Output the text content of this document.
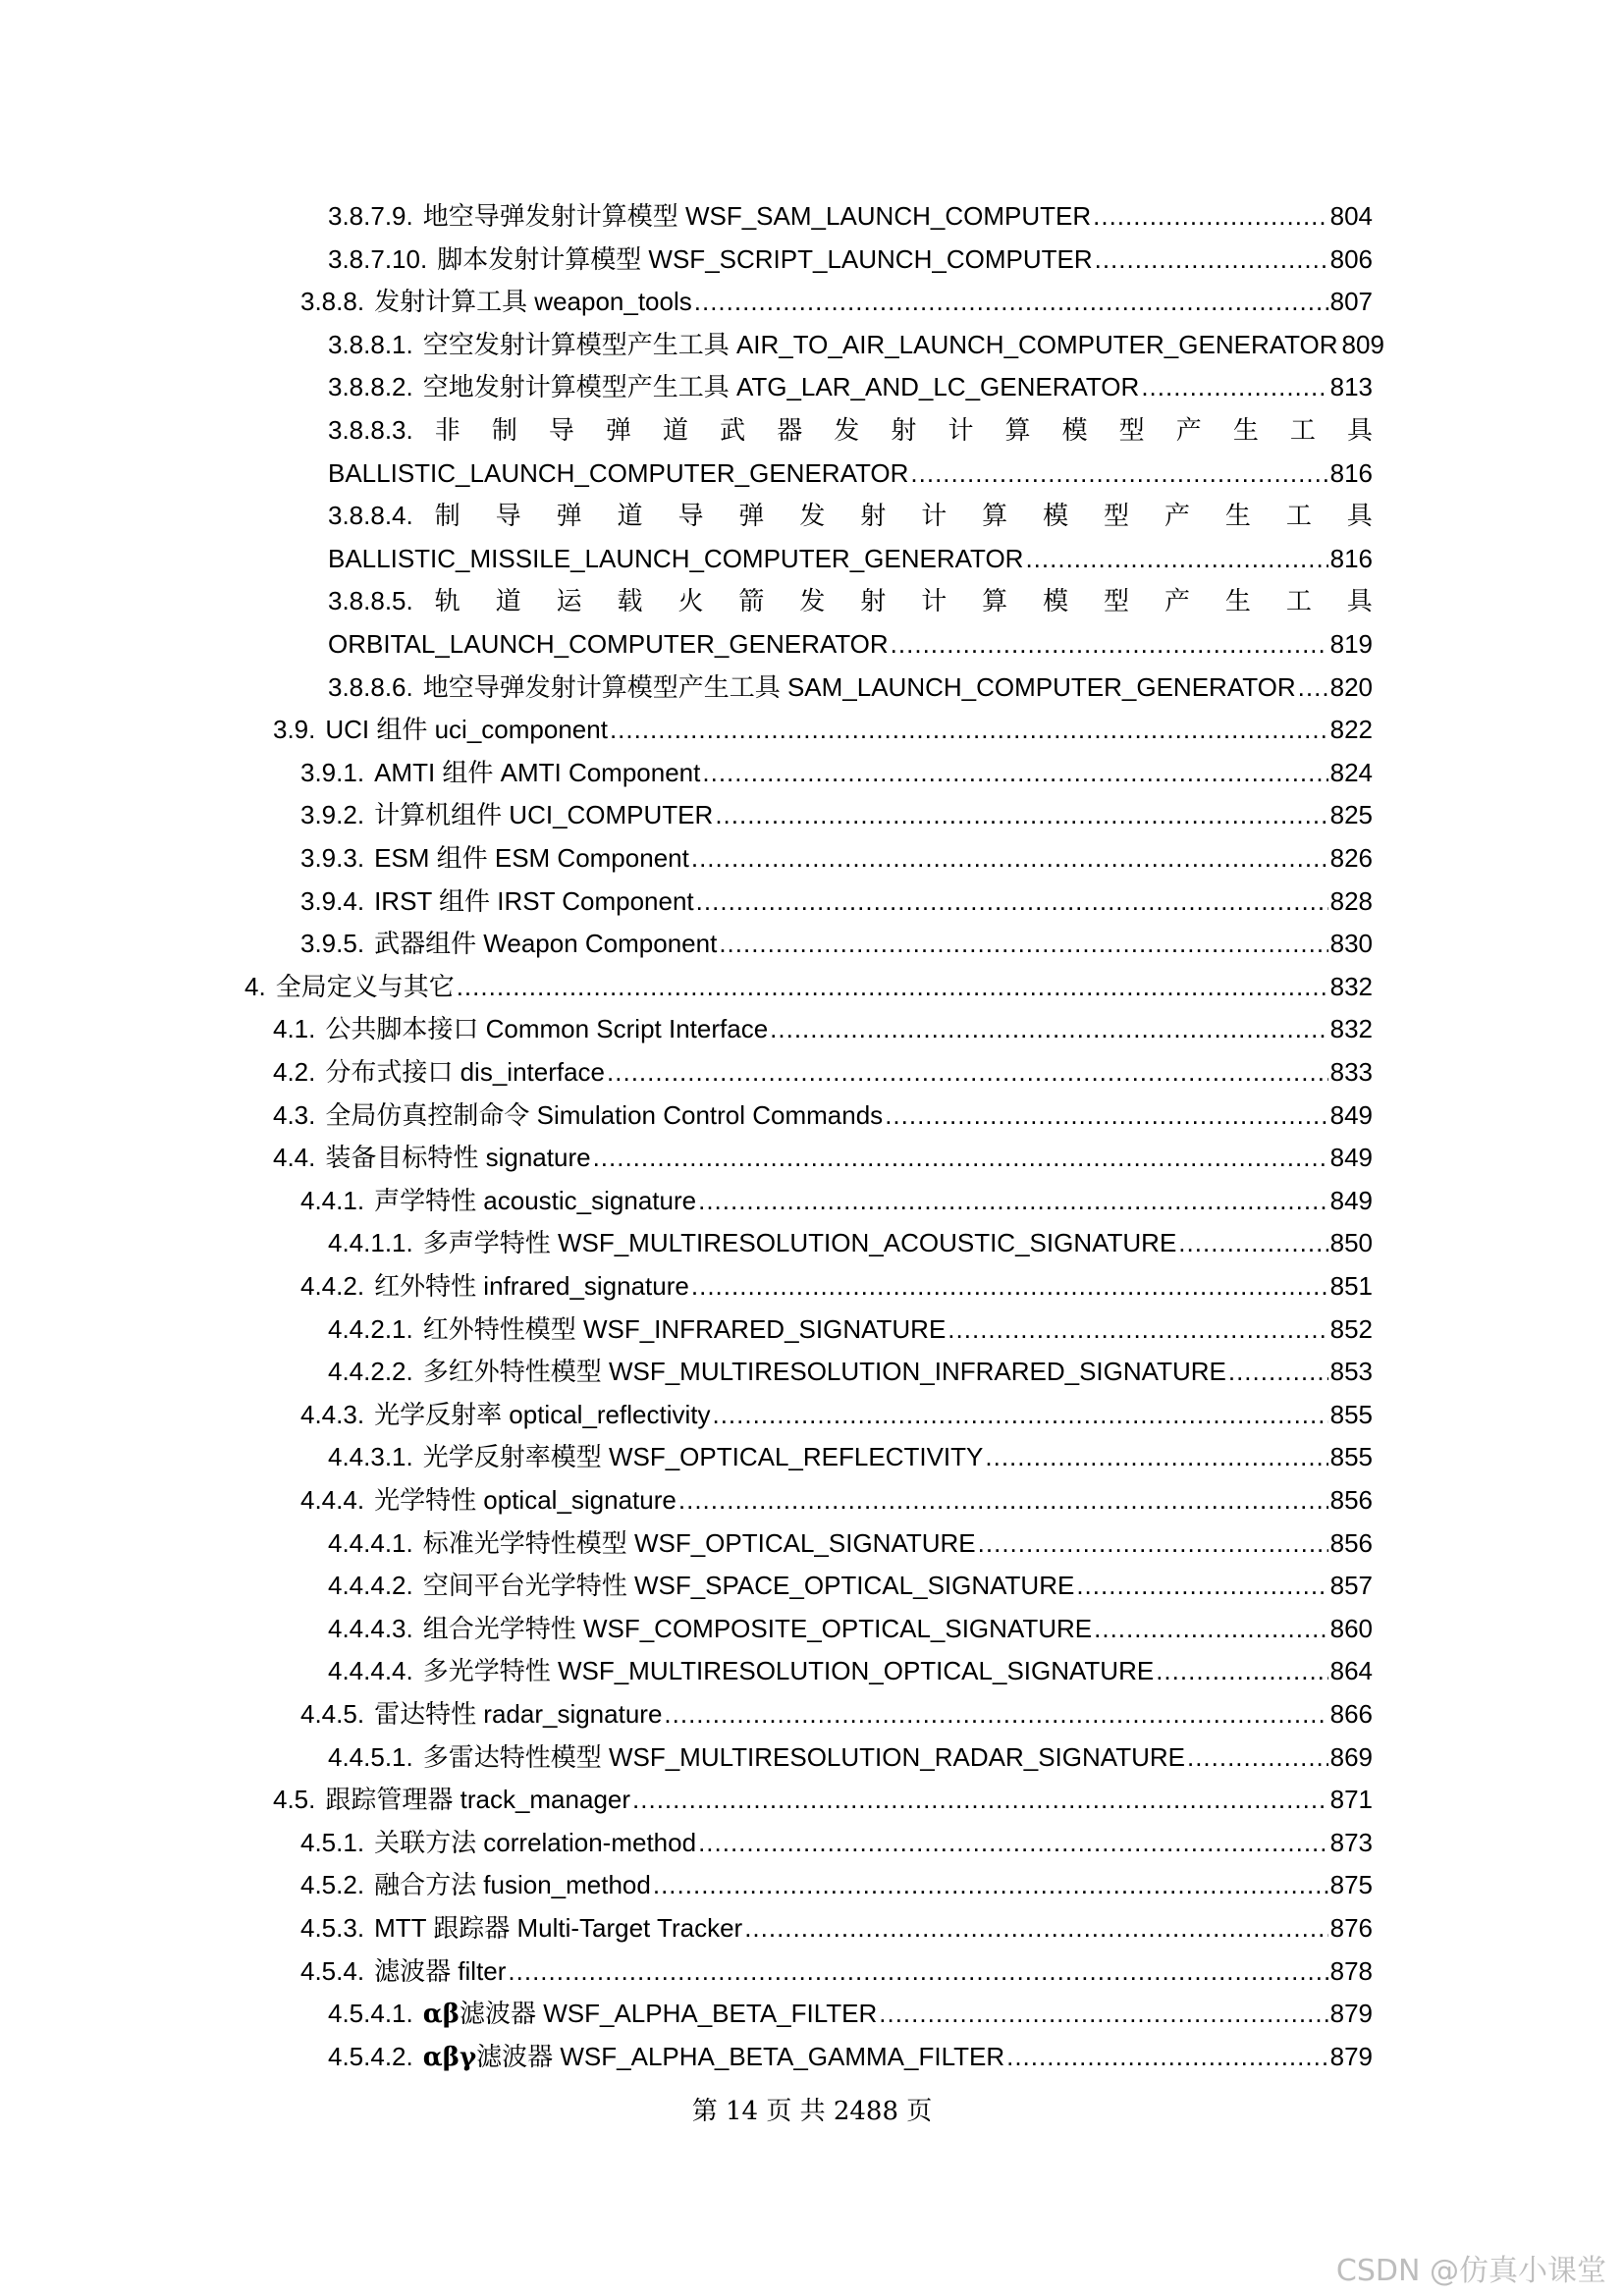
3.8.7.9. 地空导弹发射计算模型 WSF_SAM_LAUNCH_COMPUTER .....	804
3.8.7.10. 脚本发射计算模型 WSF_SCRIPT_LAUNCH_COMPUTER .....	806
3.8.8. 发射计算工具 weapon_tools .....	807
3.8.8.1. 空空发射计算模型产生工具 AIR_TO_AIR_LAUNCH_COMPUTER_GENERATOR 809
3.8.8.2. 空地发射计算模型产生工具 ATG_LAR_AND_LC_GENERATOR .....	813
3.8.8.3. 非 制 导 弹 道 武 器 发 射 计 算 模 型 产 生 工 具
BALLISTIC_LAUNCH_COMPUTER_GENERATOR .....	816
3.8.8.4. 制 导 弹 道 导 弹 发 射 计 算 模 型 产 生 工 具
BALLISTIC_MISSILE_LAUNCH_COMPUTER_GENERATOR .....	816
3.8.8.5. 轨 道 运 载 火 箭 发 射 计 算 模 型 产 生 工 具
ORBITAL_LAUNCH_COMPUTER_GENERATOR .....	819
3.8.8.6. 地空导弹发射计算模型产生工具 SAM_LAUNCH_COMPUTER_GENERATOR ..... 820
3.9. UCI 组件 uci_component .....	822
3.9.1. AMTI 组件 AMTI Component .....	824
3.9.2. 计算机组件 UCI_COMPUTER .....	825
3.9.3. ESM 组件 ESM Component .....	826
3.9.4. IRST 组件 IRST Component .....	828
3.9.5. 武器组件 Weapon Component .....	830
4. 全局定义与其它 .....	832
4.1. 公共脚本接口 Common Script Interface .....	832
4.2. 分布式接口 dis_interface .....	833
4.3. 全局仿真控制命令 Simulation Control Commands .....	849
4.4. 装备目标特性 signature .....	849
4.4.1. 声学特性 acoustic_signature .....	849
4.4.1.1. 多声学特性 WSF_MULTIRESOLUTION_ACOUSTIC_SIGNATURE .....	850
4.4.2. 红外特性 infrared_signature .....	851
4.4.2.1. 红外特性模型 WSF_INFRARED_SIGNATURE .....	852
4.4.2.2. 多红外特性模型 WSF_MULTIRESOLUTION_INFRARED_SIGNATURE .....	853
4.4.3. 光学反射率 optical_reflectivity .....	855
4.4.3.1. 光学反射率模型 WSF_OPTICAL_REFLECTIVITY .....	855
4.4.4. 光学特性 optical_signature .....	856
4.4.4.1. 标准光学特性模型 WSF_OPTICAL_SIGNATURE .....	856
4.4.4.2. 空间平台光学特性 WSF_SPACE_OPTICAL_SIGNATURE .....	857
4.4.4.3. 组合光学特性 WSF_COMPOSITE_OPTICAL_SIGNATURE .....	860
4.4.4.4. 多光学特性 WSF_MULTIRESOLUTION_OPTICAL_SIGNATURE .....	864
4.4.5. 雷达特性 radar_signature .....	866
4.4.5.1. 多雷达特性模型 WSF_MULTIRESOLUTION_RADAR_SIGNATURE .....	869
4.5. 跟踪管理器 track_manager .....	871
4.5.1. 关联方法 correlation-method .....	873
4.5.2. 融合方法 fusion_method .....	875
4.5.3. MTT 跟踪器 Multi-Target Tracker .....	876
4.5.4. 滤波器 filter .....	878
4.5.4.1. αβ滤波器 WSF_ALPHA_BETA_FILTER .....	879
4.5.4.2. αβγ滤波器 WSF_ALPHA_BETA_GAMMA_FILTER .....	879
第 14 页 共 2488 页
CSDN @仿真小课堂
